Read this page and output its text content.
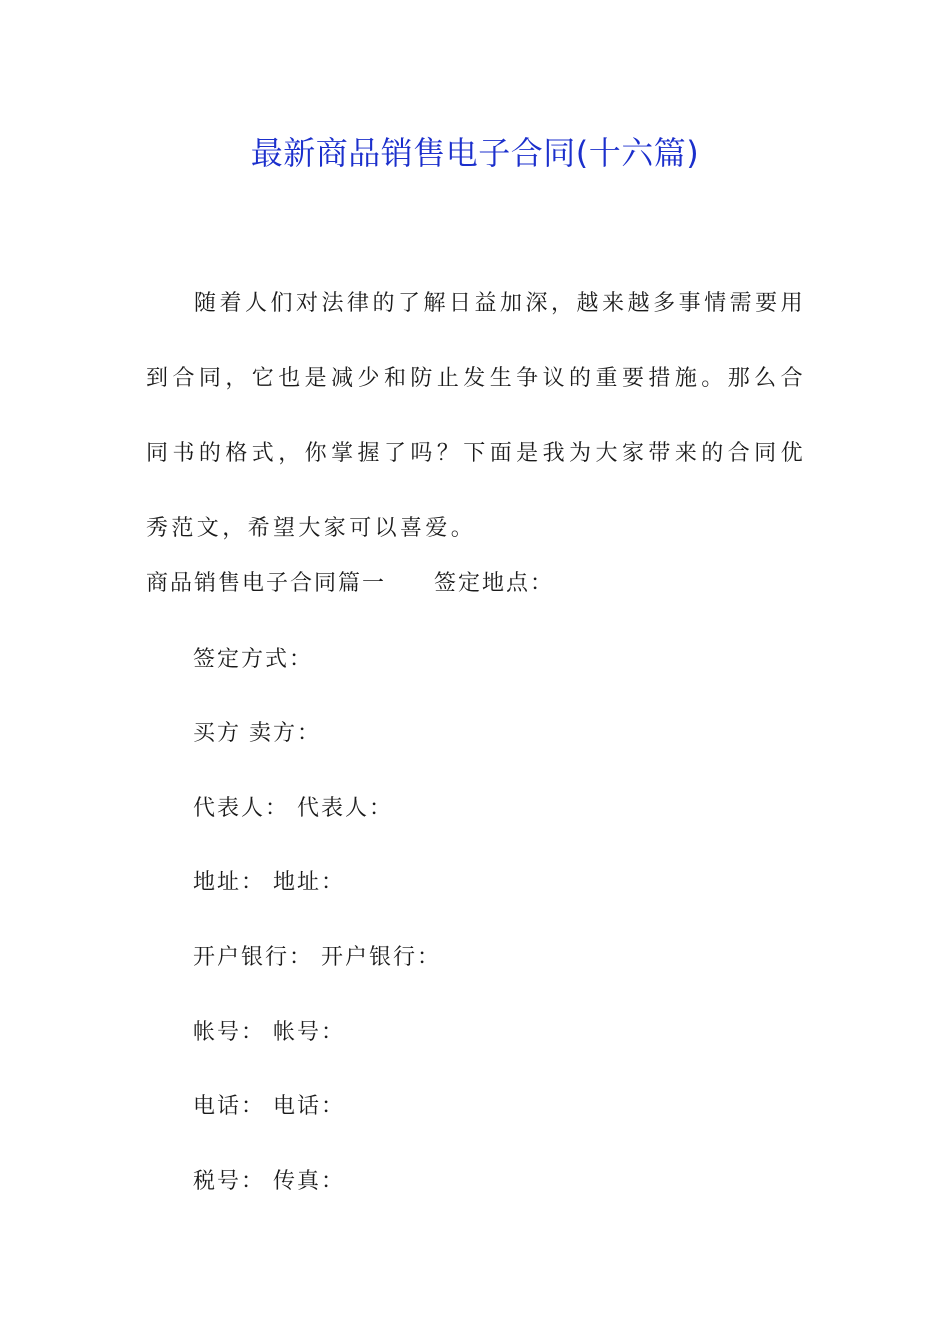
最新商品销售电子合同(十六篇)

随着人们对法律的了解日益加深，越来越多事情需要用到合同，它也是减少和防止发生争议的重要措施。那么合同书的格式，你掌握了吗？下面是我为大家带来的合同优秀范文，希望大家可以喜爱。

商品销售电子合同篇一 签定地点：

签定方式：

买方 卖方：

代表人： 代表人：

地址： 地址：

开户银行： 开户银行：

帐号： 帐号：

电话： 电话：

税号： 传真：
